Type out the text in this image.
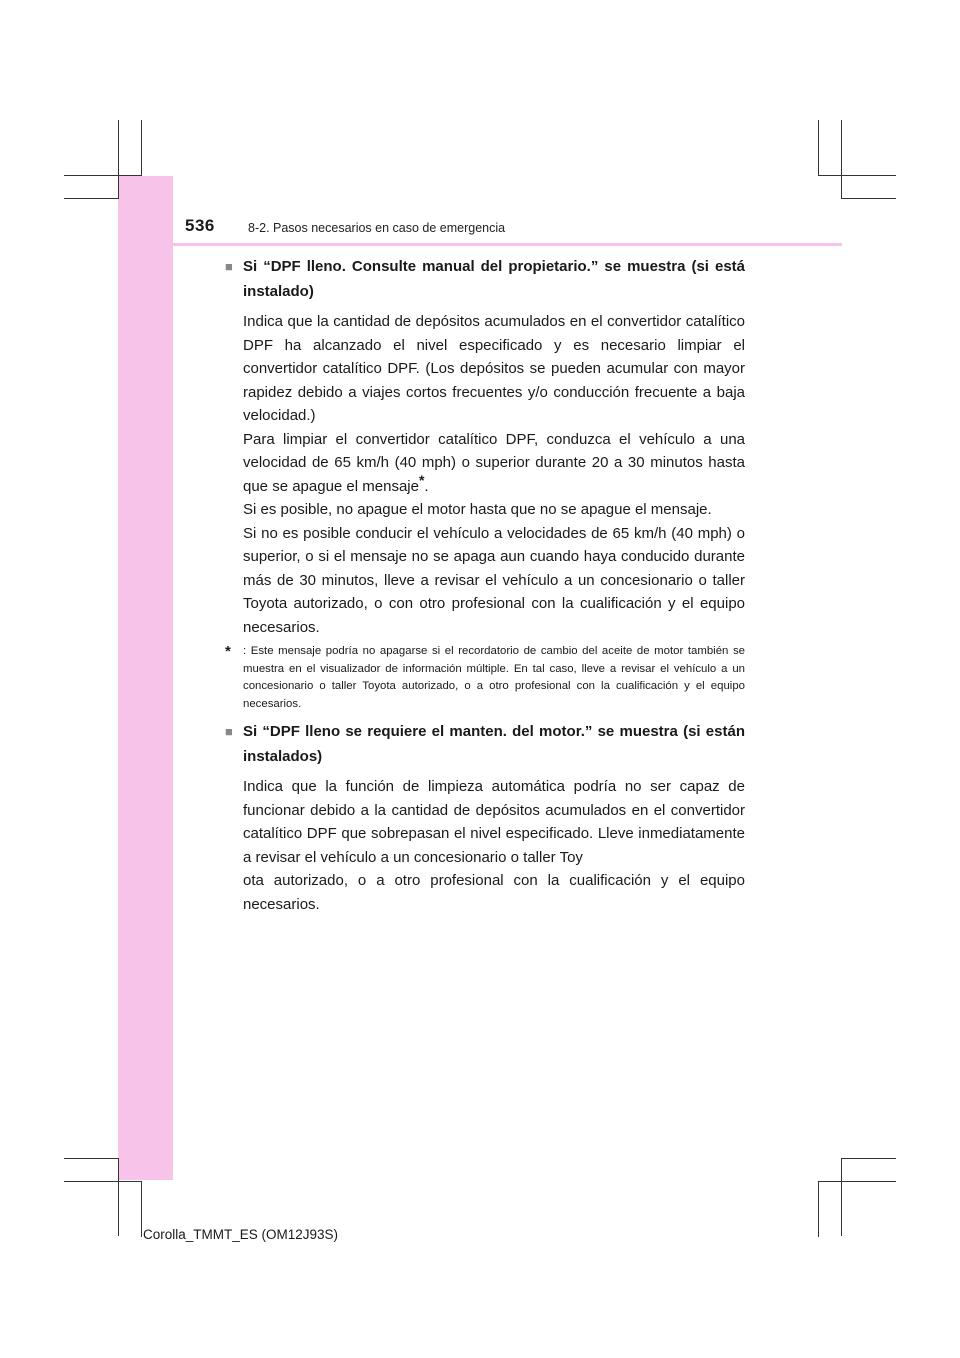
536	8-2. Pasos necesarios en caso de emergencia
■ Si “DPF lleno. Consulte manual del propietario.” se muestra (si está instalado)
Indica que la cantidad de depósitos acumulados en el convertidor catalítico DPF ha alcanzado el nivel especificado y es necesario limpiar el convertidor catalítico DPF. (Los depósitos se pueden acumular con mayor rapidez debido a viajes cortos frecuentes y/o conducción frecuente a baja velocidad.)
Para limpiar el convertidor catalítico DPF, conduzca el vehículo a una velocidad de 65 km/h (40 mph) o superior durante 20 a 30 minutos hasta que se apague el mensaje*.
Si es posible, no apague el motor hasta que no se apague el mensaje.
Si no es posible conducir el vehículo a velocidades de 65 km/h (40 mph) o superior, o si el mensaje no se apaga aun cuando haya conducido durante más de 30 minutos, lleve a revisar el vehículo a un concesionario o taller Toyota autorizado, o con otro profesional con la cualificación y el equipo necesarios.
*	: Este mensaje podría no apagarse si el recordatorio de cambio del aceite de motor también se muestra en el visualizador de información múltiple. En tal caso, lleve a revisar el vehículo a un concesionario o taller Toyota autorizado, o a otro profesional con la cualificación y el equipo necesarios.
■ Si “DPF lleno se requiere el manten. del motor.” se muestra (si están instalados)
Indica que la función de limpieza automática podría no ser capaz de funcionar debido a la cantidad de depósitos acumulados en el convertidor catalítico DPF que sobrepasan el nivel especificado. Lleve inmediatamente a revisar el vehículo a un concesionario o taller Toy
ota autorizado, o a otro profesional con la cualificación y el equipo necesarios.
Corolla_TMMT_ES (OM12J93S)
